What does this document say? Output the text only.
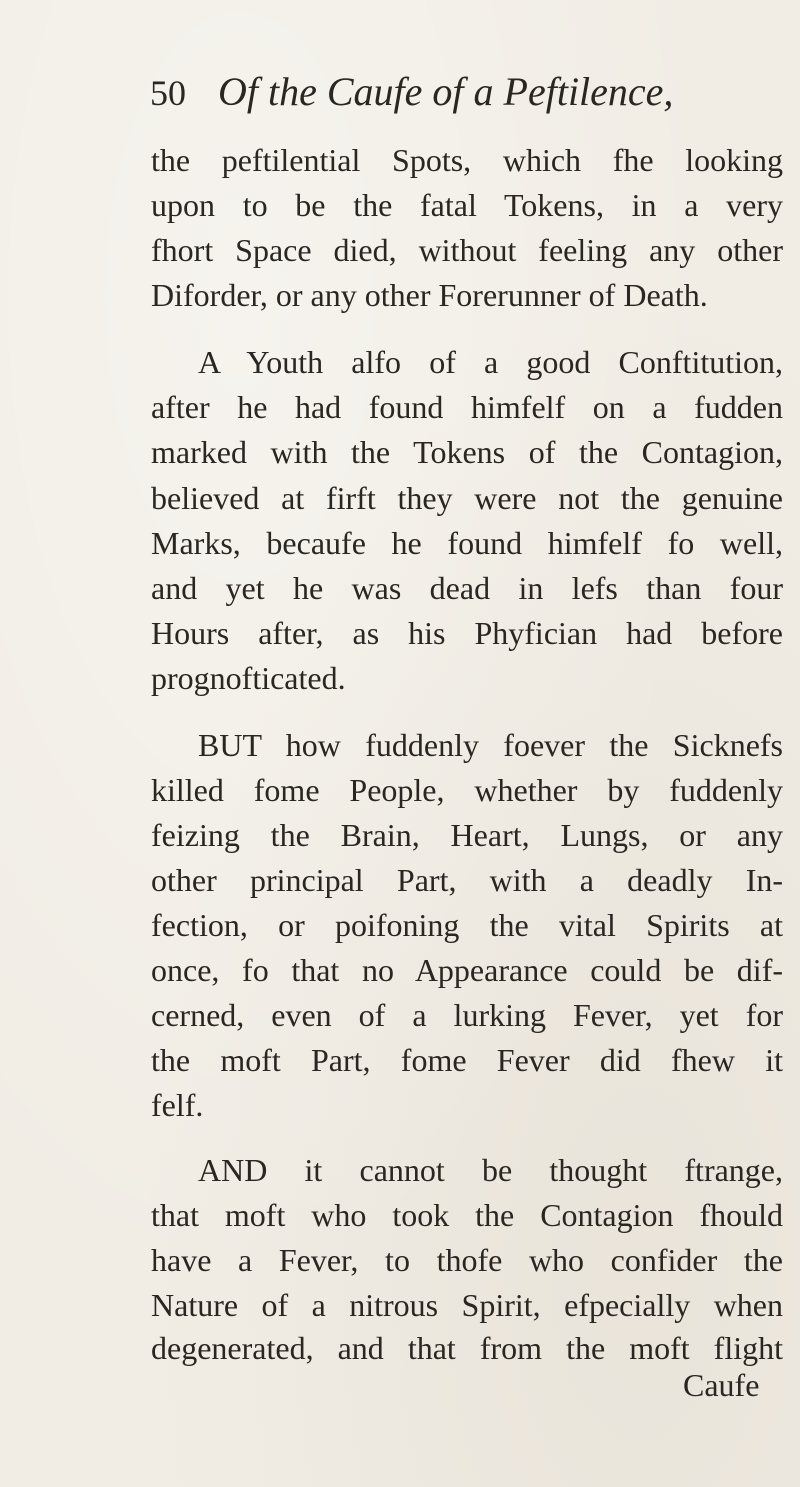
50 Of the Caufe of a Peftilence,
the peftilential Spots, which fhe looking
upon to be the fatal Tokens, in a very
fhort Space died, without feeling any other
Diforder, or any other Forerunner of Death.
A Youth alfo of a good Conftitution,
after he had found himfelf on a fudden
marked with the Tokens of the Contagion,
believed at firft they were not the genuine
Marks, becaufe he found himfelf fo well,
and yet he was dead in lefs than four
Hours after, as his Phyfician had before
prognofticated.
BUT how fuddenly foever the Sicknefs
killed fome People, whether by fuddenly
feizing the Brain, Heart, Lungs, or any
other principal Part, with a deadly In-
fection, or poifoning the vital Spirits at
once, fo that no Appearance could be dif-
cerned, even of a lurking Fever, yet for
the moft Part, fome Fever did fhew it
felf.
AND it cannot be thought ftrange,
that moft who took the Contagion fhould
have a Fever, to thofe who confider the
Nature of a nitrous Spirit, efpecially when
degenerated, and that from the moft flight
Caufe
